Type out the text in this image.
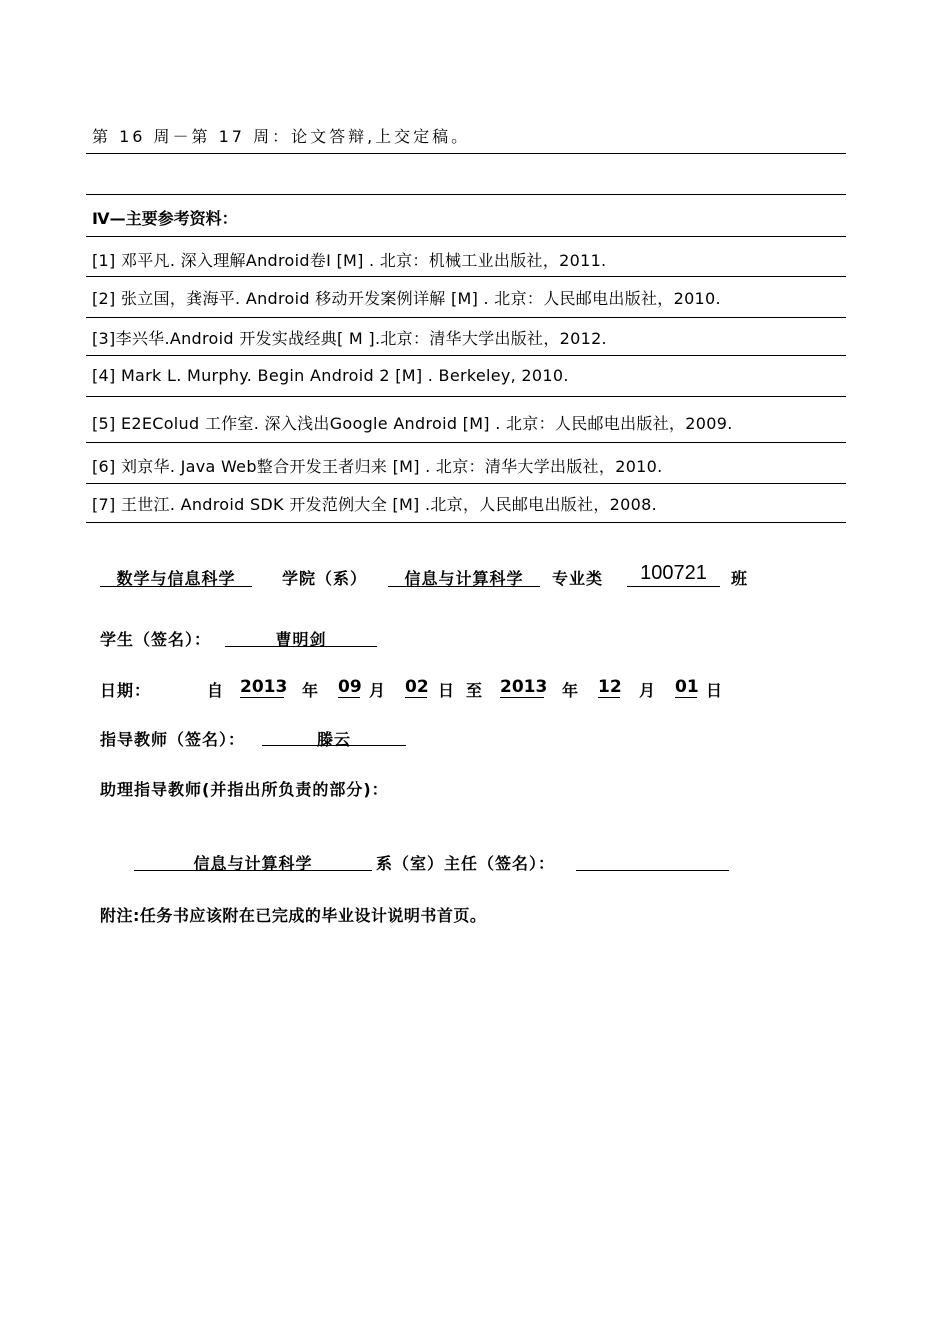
第 16 周－第 17 周：论文答辩,上交定稿。
Ⅳ—主要参考资料：
[1] 邓平凡. 深入理解Android卷Ⅰ [M] . 北京：机械工业出版社，2011.
[2] 张立国，龚海平. Android 移动开发案例详解 [M] . 北京：人民邮电出版社，2010.
[3]李兴华.Android 开发实战经典[ M ].北京：清华大学出版社，2012.
[4] Mark L. Murphy. Begin Android 2 [M] . Berkeley, 2010.
[5] E2EColud 工作室. 深入浅出Google Android [M] . 北京：人民邮电出版社，2009.
[6] 刘京华. Java Web整合开发王者归来 [M] . 北京：清华大学出版社，2010.
[7] 王世江. Android SDK 开发范例大全 [M] .北京，人民邮电出版社，2008.
数学与信息科学	学院（系）	信息与计算科学	专业类	100721	班
学生（签名）：	曹明剑
日期：	自 2013 年 09 月 02 日 至 2013 年 12 月 01 日
指导教师（签名）：	滕云
助理指导教师(并指出所负责的部分)：
信息与计算科学	系（室）主任（签名）：
附注:任务书应该附在已完成的毕业设计说明书首页。
